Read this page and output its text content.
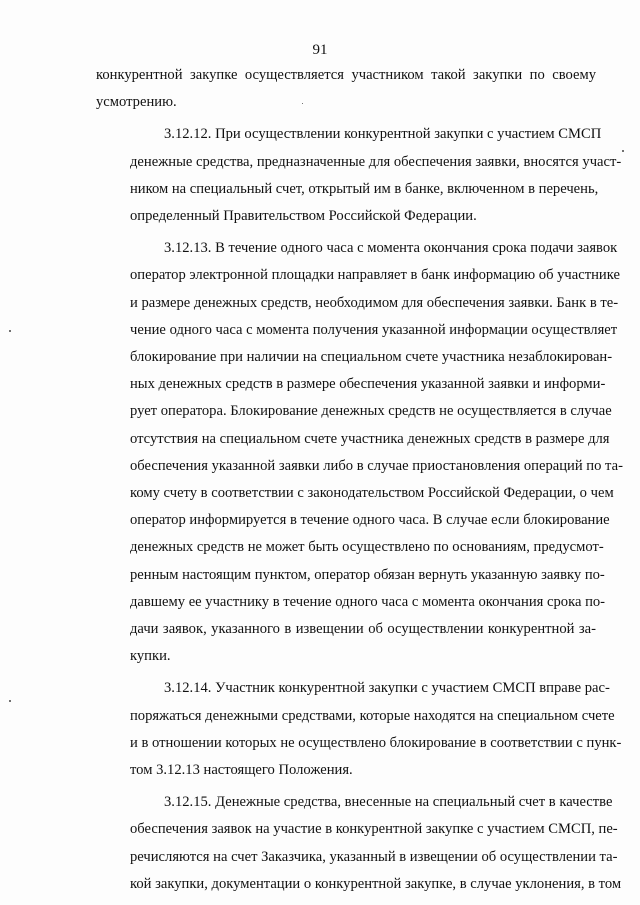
91
конкурентной закупке осуществляется участником такой закупки по своему
усмотрению.
3.12.12. При осуществлении конкурентной закупки с участием СМСП
денежные средства, предназначенные для обеспечения заявки, вносятся участ-
ником на специальный счет, открытый им в банке, включенном в перечень,
определенный Правительством Российской Федерации.
3.12.13. В течение одного часа с момента окончания срока подачи заявок
оператор электронной площадки направляет в банк информацию об участнике
и размере денежных средств, необходимом для обеспечения заявки. Банк в те-
чение одного часа с момента получения указанной информации осуществляет
блокирование при наличии на специальном счете участника незаблокирован-
ных денежных средств в размере обеспечения указанной заявки и информи-
рует оператора. Блокирование денежных средств не осуществляется в случае
отсутствия на специальном счете участника денежных средств в размере для
обеспечения указанной заявки либо в случае приостановления операций по та-
кому счету в соответствии с законодательством Российской Федерации, о чем
оператор информируется в течение одного часа. В случае если блокирование
денежных средств не может быть осуществлено по основаниям, предусмот-
ренным настоящим пунктом, оператор обязан вернуть указанную заявку по-
давшему ее участнику в течение одного часа с момента окончания срока по-
дачи заявок, указанного в извещении об осуществлении конкурентной за-
купки.
3.12.14. Участник конкурентной закупки с участием СМСП вправе рас-
поряжаться денежными средствами, которые находятся на специальном счете
и в отношении которых не осуществлено блокирование в соответствии с пунк-
том 3.12.13 настоящего Положения.
3.12.15. Денежные средства, внесенные на специальный счет в качестве
обеспечения заявок на участие в конкурентной закупке с участием СМСП, пе-
речисляются на счет Заказчика, указанный в извещении об осуществлении та-
кой закупки, документации о конкурентной закупке, в случае уклонения, в том
